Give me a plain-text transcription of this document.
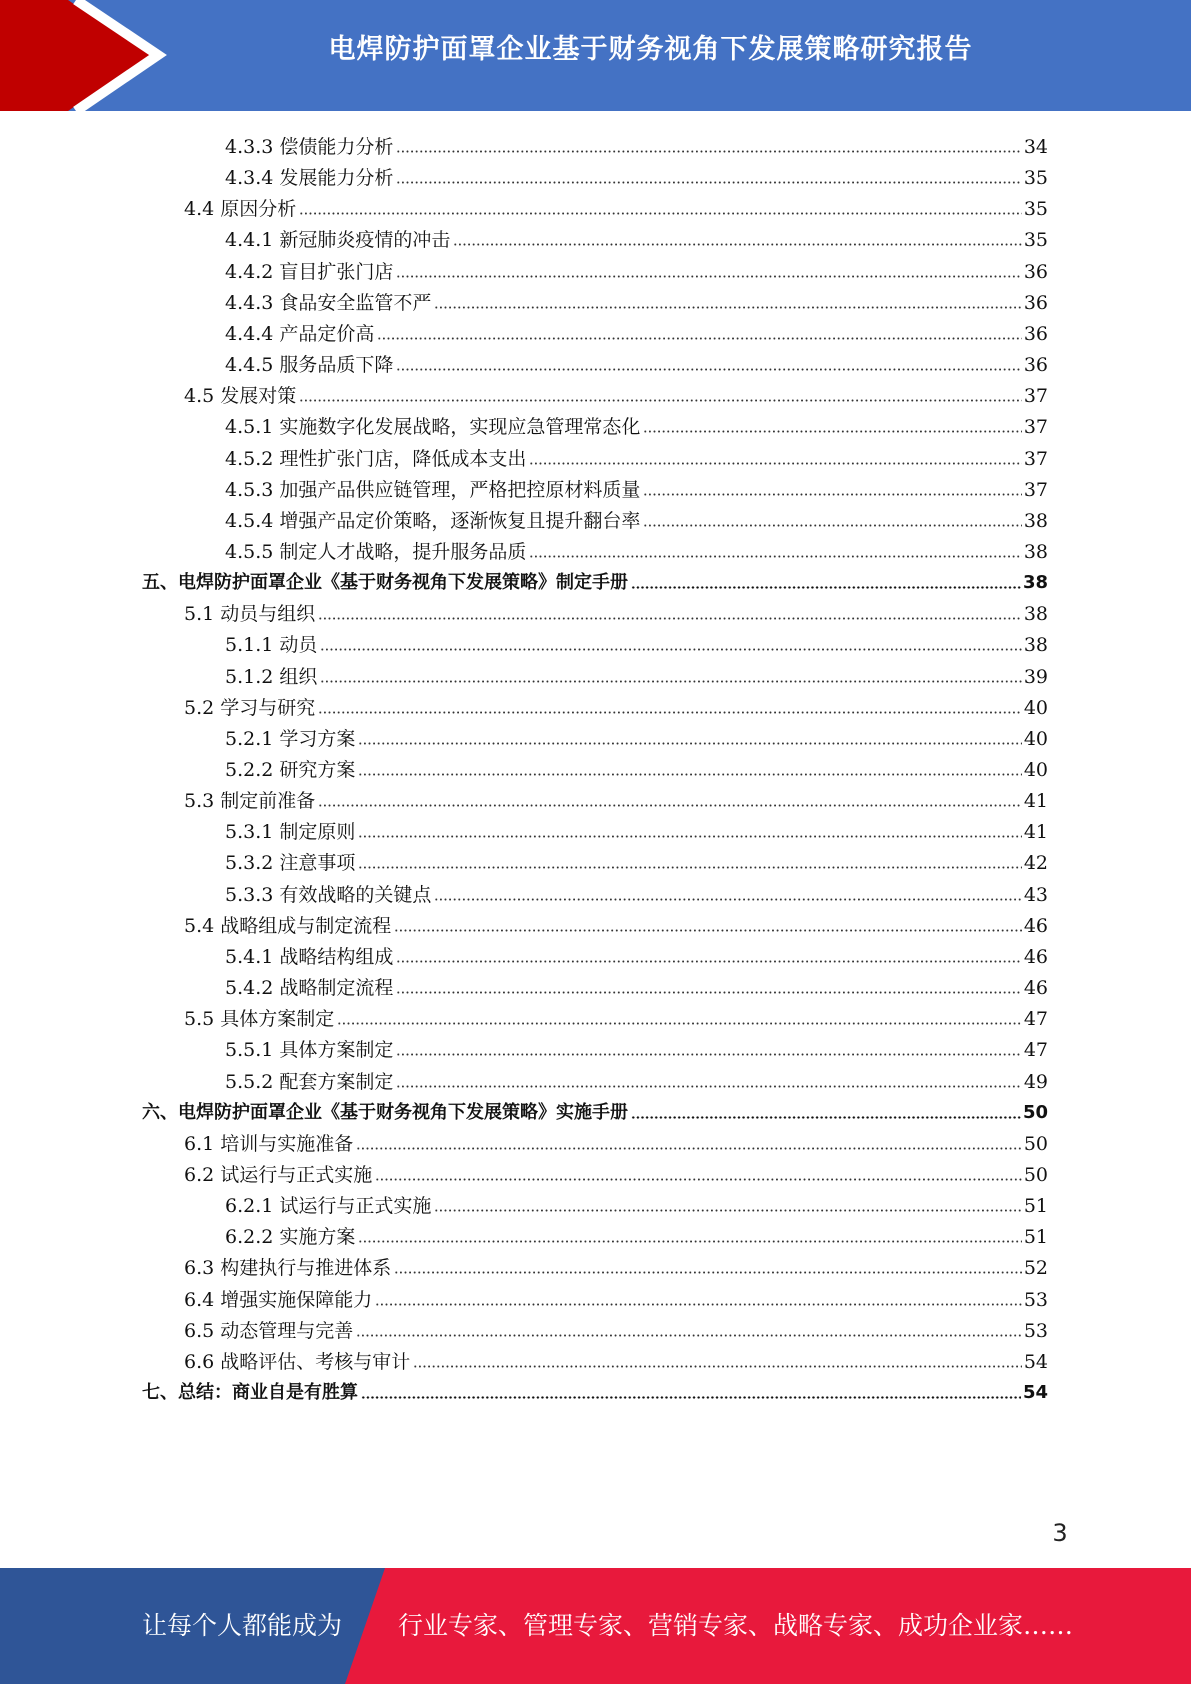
电焊防护面罩企业基于财务视角下发展策略研究报告
4.3.3 偿债能力分析	34
4.3.4 发展能力分析	35
4.4 原因分析	35
4.4.1 新冠肺炎疫情的冲击	35
4.4.2 盲目扩张门店	36
4.4.3 食品安全监管不严	36
4.4.4 产品定价高	36
4.4.5 服务品质下降	36
4.5 发展对策	37
4.5.1 实施数字化发展战略，实现应急管理常态化	37
4.5.2 理性扩张门店，降低成本支出	37
4.5.3 加强产品供应链管理，严格把控原材料质量	37
4.5.4 增强产品定价策略，逐渐恢复且提升翻台率	38
4.5.5 制定人才战略，提升服务品质	38
五、电焊防护面罩企业《基于财务视角下发展策略》制定手册	38
5.1 动员与组织	38
5.1.1 动员	38
5.1.2 组织	39
5.2 学习与研究	40
5.2.1 学习方案	40
5.2.2 研究方案	40
5.3 制定前准备	41
5.3.1 制定原则	41
5.3.2 注意事项	42
5.3.3 有效战略的关键点	43
5.4 战略组成与制定流程	46
5.4.1 战略结构组成	46
5.4.2 战略制定流程	46
5.5 具体方案制定	47
5.5.1 具体方案制定	47
5.5.2 配套方案制定	49
六、电焊防护面罩企业《基于财务视角下发展策略》实施手册	50
6.1 培训与实施准备	50
6.2 试运行与正式实施	50
6.2.1 试运行与正式实施	51
6.2.2 实施方案	51
6.3 构建执行与推进体系	52
6.4 增强实施保障能力	53
6.5 动态管理与完善	53
6.6 战略评估、考核与审计	54
七、总结：商业自是有胜算	54
3
让每个人都能成为 行业专家、管理专家、营销专家、战略专家、成功企业家……
